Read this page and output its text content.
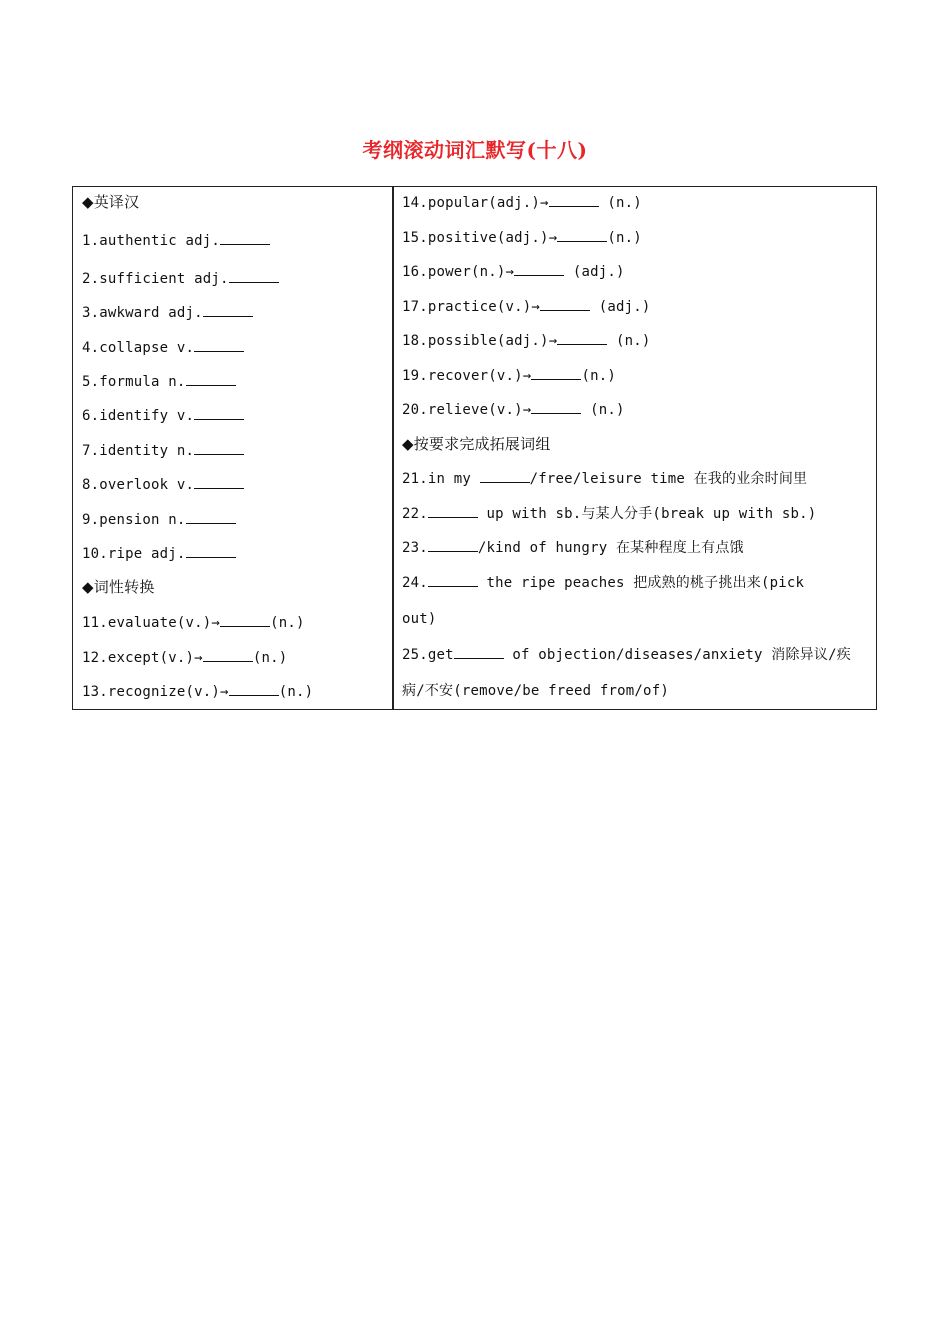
考纲滚动词汇默写(十八)
◆英译汉
1.authentic adj.
2.sufficient adj.
3.awkward adj.
4.collapse v.
5.formula n.
6.identify v.
7.identity n.
8.overlook v.
9.pension n.
10.ripe adj.
◆词性转换
11.evaluate(v.)→	(n.)
12.except(v.)→	(n.)
13.recognize(v.)→	(n.)
14.popular(adj.)→	(n.)
15.positive(adj.)→	(n.)
16.power(n.)→	(adj.)
17.practice(v.)→	(adj.)
18.possible(adj.)→	(n.)
19.recover(v.)→	(n.)
20.relieve(v.)→	(n.)
◆按要求完成拓展词组
21.in my	/free/leisure time 在我的业余时间里
22.	up with sb.与某人分手(break up with sb.)
23.	/kind of hungry 在某种程度上有点饿
24.	the ripe peaches 把成熟的桃子挑出来(pick
out)
25.get	of objection/diseases/anxiety 消除异议/疾
病/不安(remove/be freed from/of)
